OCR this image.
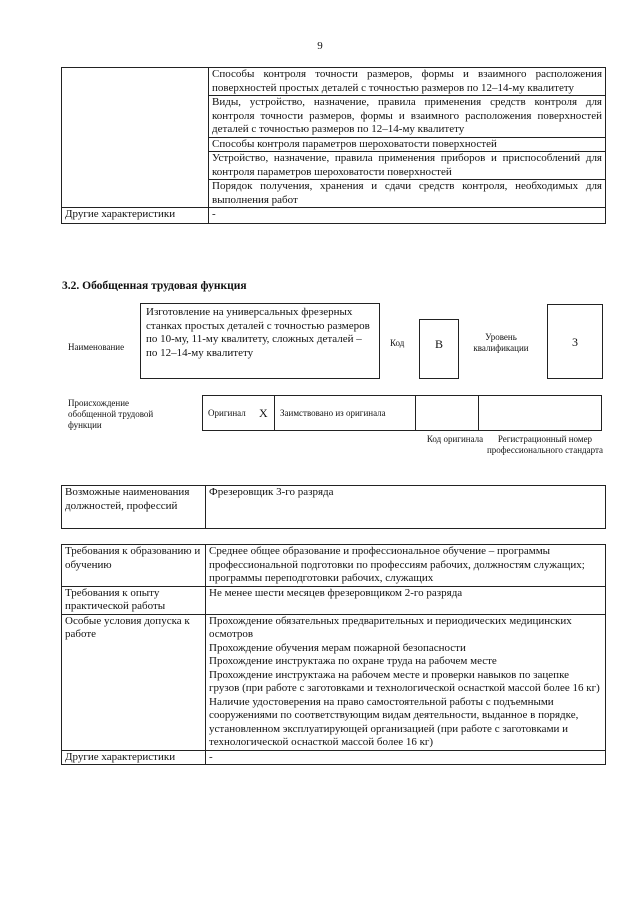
9
	Способы контроля точности размеров, формы и взаимного расположения поверхностей простых деталей с точностью размеров по 12–14-му квалитету
	Виды, устройство, назначение, правила применения средств контроля для контроля точности размеров, формы и взаимного расположения поверхностей деталей с точностью размеров по 12–14-му квалитету
	Способы контроля параметров шероховатости поверхностей
	Устройство, назначение, правила применения приборов и приспособлений для контроля параметров шероховатости поверхностей
	Порядок получения, хранения и сдачи средств контроля, необходимых для выполнения работ
Другие характеристики	-
3.2. Обобщенная трудовая функция
Наименование
Изготовление на универсальных фрезерных станках простых деталей с точностью размеров по 10-му, 11-му квалитету, сложных деталей – по 12–14-му квалитету
Код	B	Уровень квалификации	3
Происхождение обобщенной трудовой функции
Оригинал	X	Заимствовано из оригинала		
Код оригинала	Регистрационный номер профессионального стандарта
Возможные наименования должностей, профессий	Фрезеровщик 3-го разряда
Требования к образованию и обучению	Среднее общее образование и профессиональное обучение – программы профессиональной подготовки по профессиям рабочих, должностям служащих; программы переподготовки рабочих, служащих
Требования к опыту практической работы	Не менее шести месяцев фрезеровщиком 2-го разряда
Особые условия допуска к работе	Прохождение обязательных предварительных и периодических медицинских осмотров

Прохождение обучения мерам пожарной безопасности

Прохождение инструктажа по охране труда на рабочем месте

Прохождение инструктажа на рабочем месте и проверки навыков по зацепке грузов (при работе с заготовками и технологической оснасткой массой более 16 кг)

Наличие удостоверения на право самостоятельной работы с подъемными сооружениями по соответствующим видам деятельности, выданное в порядке, установленном эксплуатирующей организацией (при работе с заготовками и технологической оснасткой массой более 16 кг)

Другие характеристики	-
